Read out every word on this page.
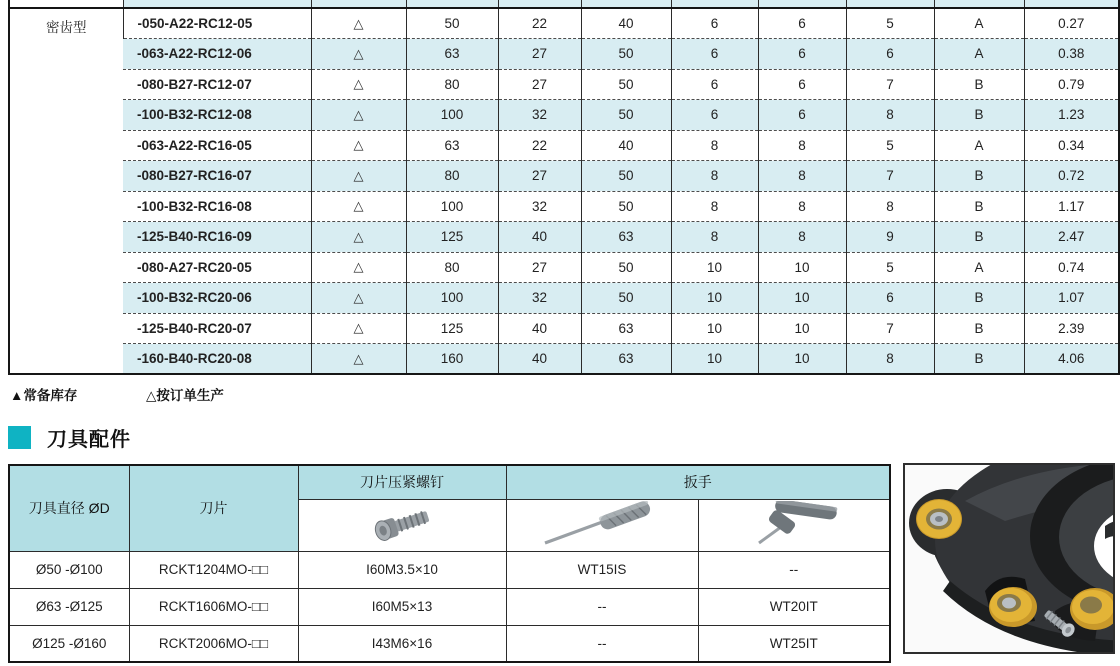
密齿型	-050-A22-RC12-05	△	50	22	40	6	6	5	A	0.27
	-063-A22-RC12-06	△	63	27	50	6	6	6	A	0.38
	-080-B27-RC12-07	△	80	27	50	6	6	7	B	0.79
	-100-B32-RC12-08	△	100	32	50	6	6	8	B	1.23
	-063-A22-RC16-05	△	63	22	40	8	8	5	A	0.34
	-080-B27-RC16-07	△	80	27	50	8	8	7	B	0.72
	-100-B32-RC16-08	△	100	32	50	8	8	8	B	1.17
	-125-B40-RC16-09	△	125	40	63	8	8	9	B	2.47
	-080-A27-RC20-05	△	80	27	50	10	10	5	A	0.74
	-100-B32-RC20-06	△	100	32	50	10	10	6	B	1.07
	-125-B40-RC20-07	△	125	40	63	10	10	7	B	2.39
	-160-B40-RC20-08	△	160	40	63	10	10	8	B	4.06
▲常备库存	△按订单生产
刀具配件
刀具直径 ØD	刀片	刀片压紧螺钉	扳手	

Ø50 -Ø100	RCKT1204MO-□□	I60M3.5×10	WT15IS	--
Ø63 -Ø125	RCKT1606MO-□□	I60M5×13	--	WT20IT
Ø125 -Ø160	RCKT2006MO-□□	I43M6×16	--	WT25IT
